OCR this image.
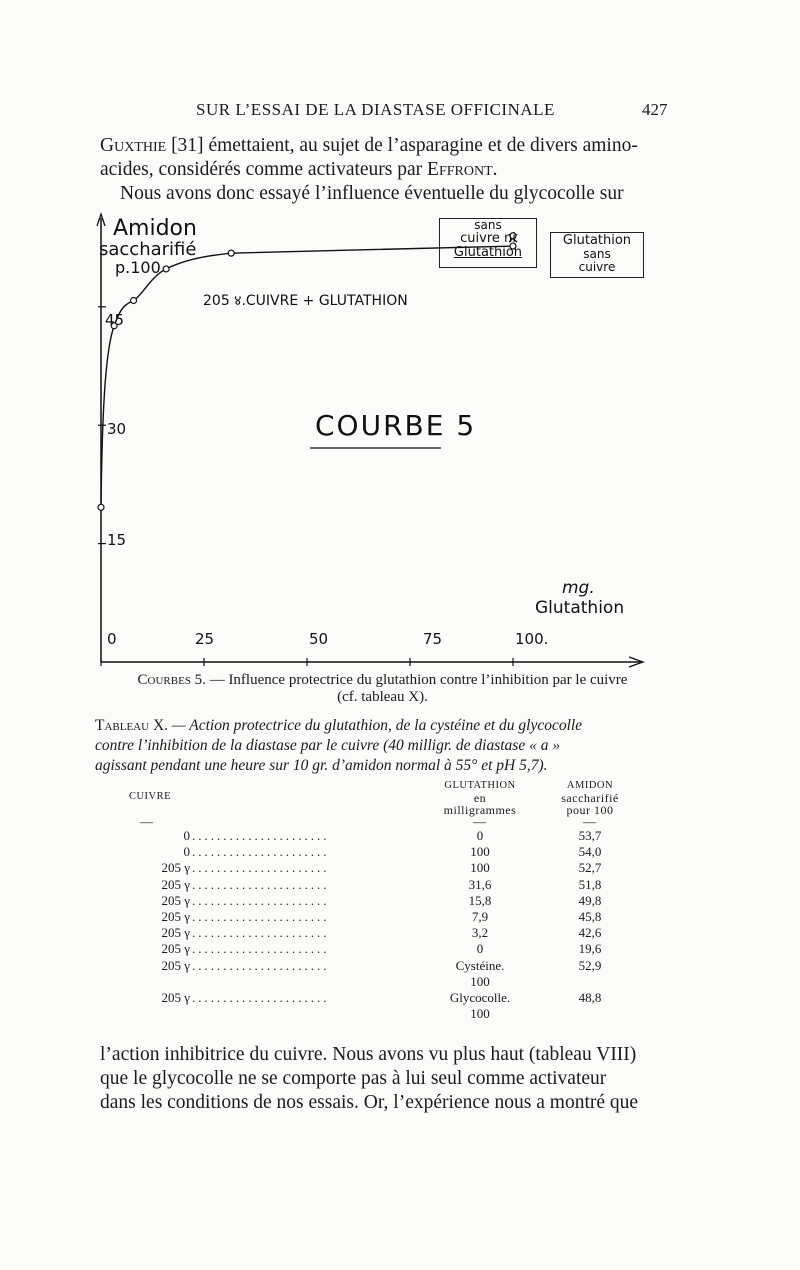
SUR L’ESSAI DE LA DIASTASE OFFICINALE	427

Guxthie [31] émettaient, au sujet de l’asparagine et de divers amino-
acides, considérés comme activateurs par Effront.
Nous avons donc essayé l’influence éventuelle du glycocolle sur

Amidon
saccharifié
p.100
45
30
15
0	25	50	75	100.
mg.
Glutathion
205 ४.CUIVRE + GLUTATHION
COURBE 5
sans
cuivre ni
Glutathion
Glutathion
sans
cuivre
Courbes 5. — Influence protectrice du glutathion contre l’inhibition par le cuivre
(cf. tableau X).

Tableau X. — Action protectrice du glutathion, de la cystéine et du glycocolle
contre l’inhibition de la diastase par le cuivre (40 milligr. de diastase « a »
agissant pendant une heure sur 10 gr. d’amidon normal à 55° et pH 5,7).

CUIVRE
GLUTATHION
en
milligrammes
AMIDON
saccharifié
pour 100
—	—	—
0 ......................	0	53,7
0 ......................	100	54,0
205 γ ......................	100	52,7
205 γ ......................	31,6	51,8
205 γ ......................	15,8	49,8
205 γ ......................	7,9	45,8
205 γ ......................	3,2	42,6
205 γ ......................	0	19,6
205 γ ......................	Cystéine.	52,9
100
205 γ ......................	Glycocolle.	48,8
100

l’action inhibitrice du cuivre. Nous avons vu plus haut (tableau VIII)
que le glycocolle ne se comporte pas à lui seul comme activateur
dans les conditions de nos essais. Or, l’expérience nous a montré que
